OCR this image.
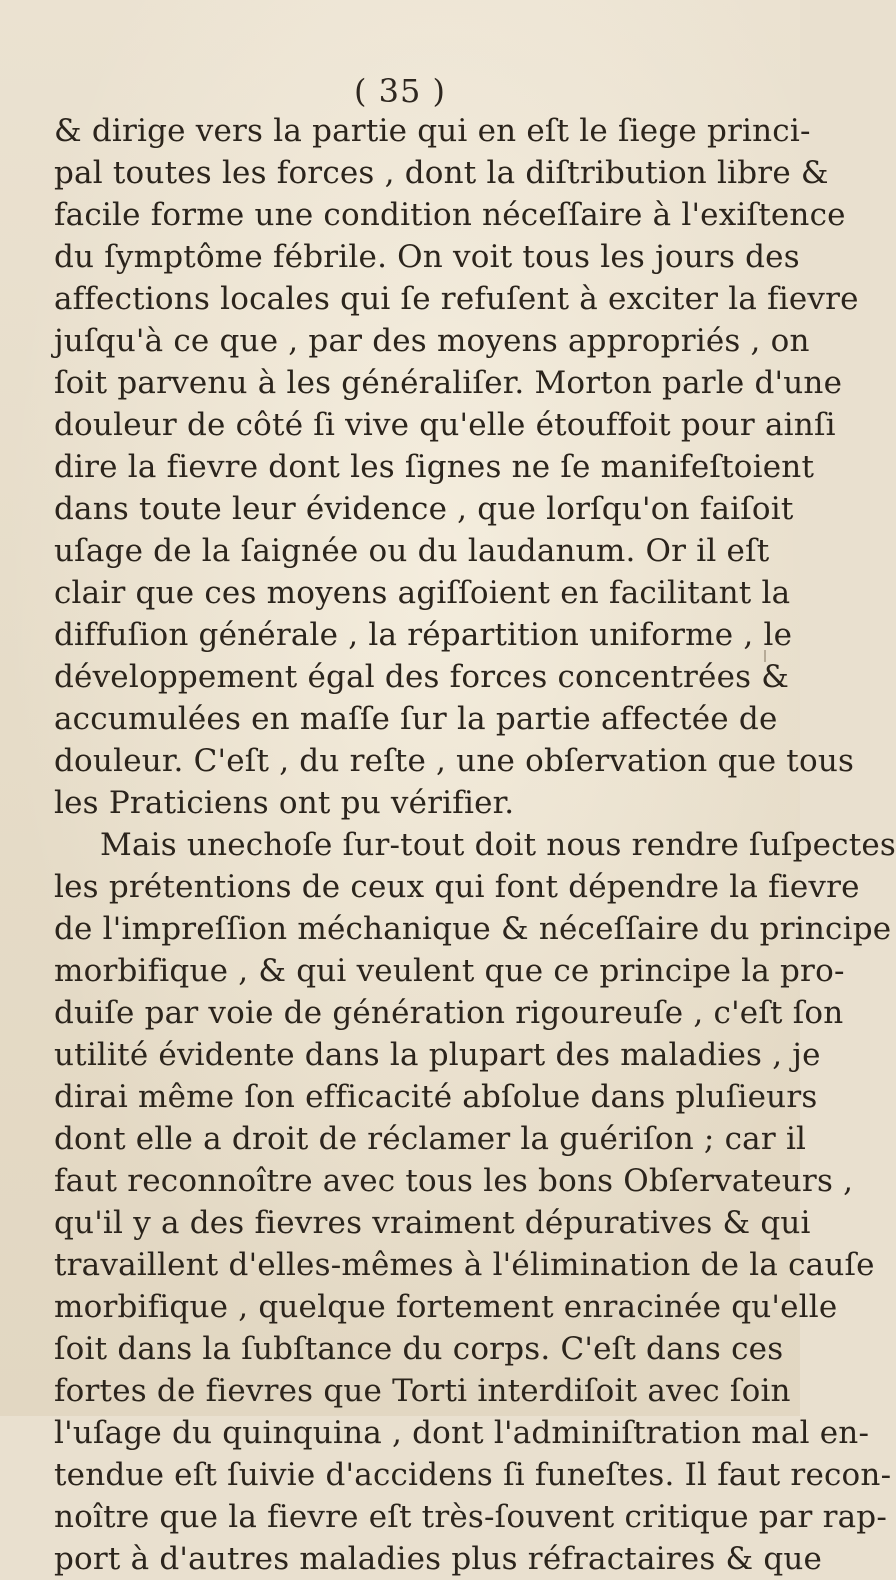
( 35 )
& dirige vers la partie qui en eſt le ſiege princi-
pal toutes les forces , dont la diſtribution libre &
facile forme une condition néceſſaire à l'exiſtence
du ſymptôme fébrile. On voit tous les jours des
affections locales qui ſe refuſent à exciter la fievre
juſqu'à ce que , par des moyens appropriés , on
ſoit parvenu à les généraliſer. Morton parle d'une
douleur de côté ſi vive qu'elle étouffoit pour ainſi
dire la fievre dont les ſignes ne ſe manifeſtoient
dans toute leur évidence , que lorſqu'on faiſoit
uſage de la ſaignée ou du laudanum. Or il eſt
clair que ces moyens agiſſoient en facilitant la
diffuſion générale , la répartition uniforme , le
développement égal des forces concentrées &
accumulées en maſſe ſur la partie affectée de
douleur. C'eſt , du reſte , une obſervation que tous
les Praticiens ont pu vérifier.
Mais unechoſe ſur-tout doit nous rendre ſuſpectes
les prétentions de ceux qui font dépendre la fievre
de l'impreſſion méchanique & néceſſaire du principe
morbifique , & qui veulent que ce principe la pro-
duiſe par voie de génération rigoureuſe , c'eſt ſon
utilité évidente dans la plupart des maladies , je
dirai même ſon efficacité abſolue dans pluſieurs
dont elle a droit de réclamer la guériſon ; car il
faut reconnoître avec tous les bons Obſervateurs ,
qu'il y a des fievres vraiment dépuratives & qui
travaillent d'elles-mêmes à l'élimination de la cauſe
morbifique , quelque fortement enracinée qu'elle
ſoit dans la ſubſtance du corps. C'eſt dans ces
fortes de fievres que Torti interdiſoit avec ſoin
l'uſage du quinquina , dont l'adminiſtration mal en-
tendue eſt ſuivie d'accidens ſi funeſtes. Il faut recon-
noître que la fievre eſt très-ſouvent critique par rap-
port à d'autres maladies plus réfractaires & que
